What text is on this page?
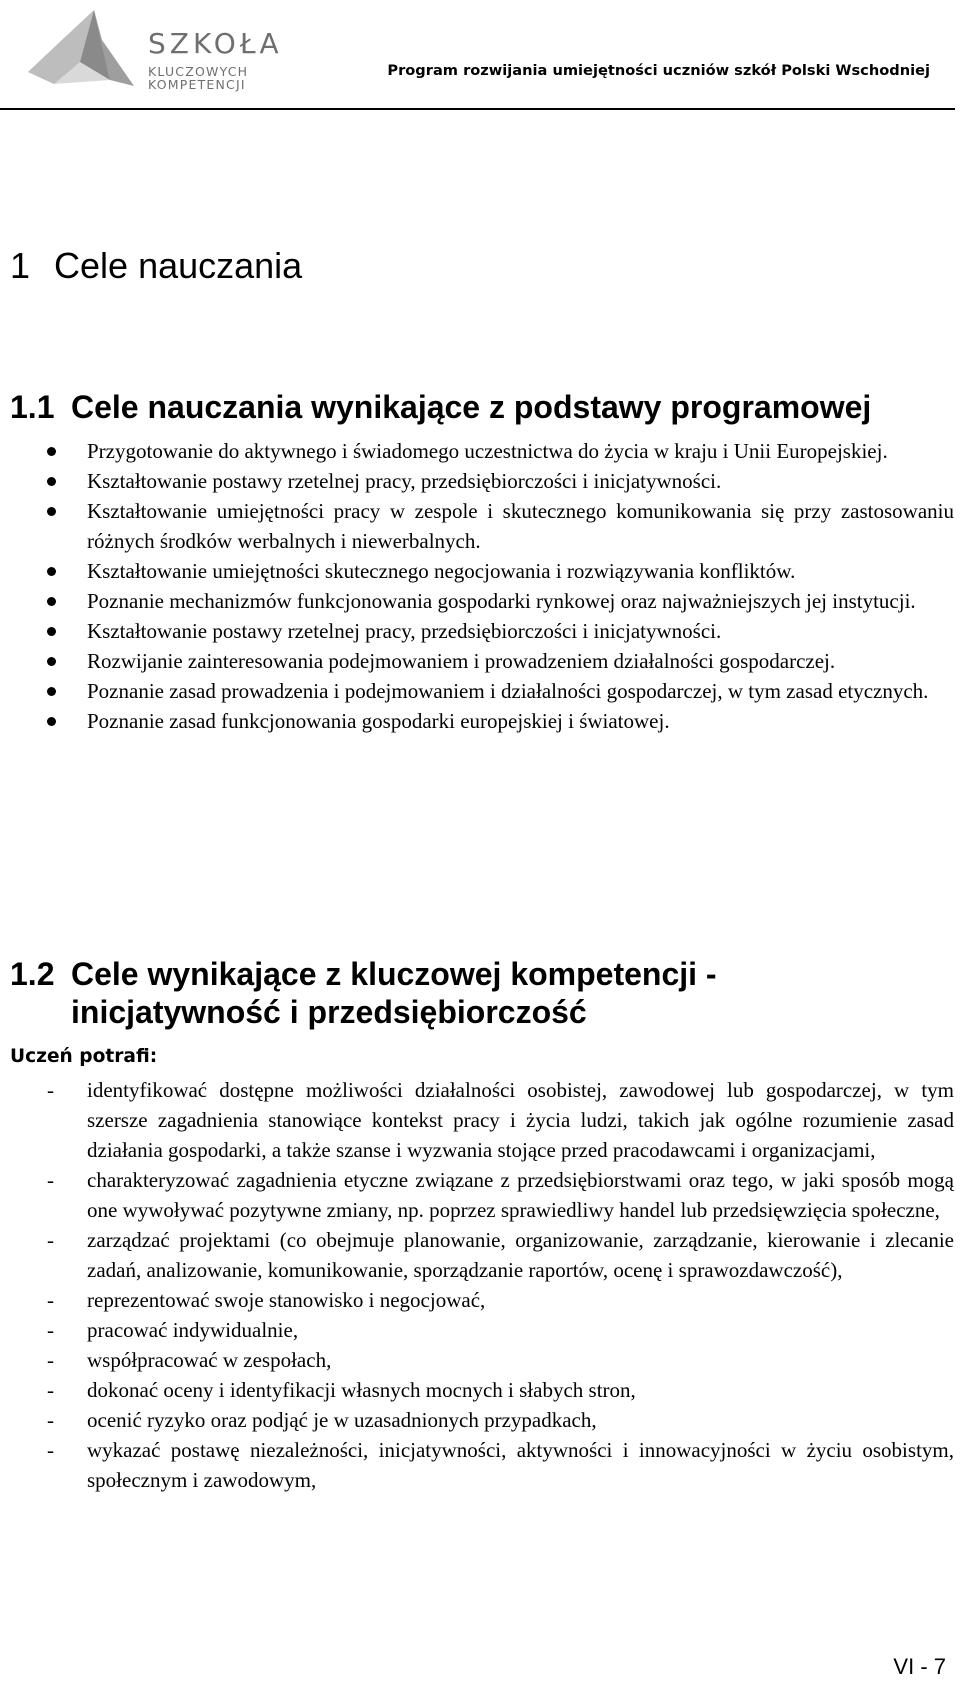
SZKOŁA
KLUCZOWYCH KOMPETENCJI
Program rozwijania umiejętności uczniów szkół Polski Wschodniej
1 Cele nauczania
1.1 Cele nauczania wynikające z podstawy programowej
Przygotowanie do aktywnego i świadomego uczestnictwa do życia w kraju i Unii Europejskiej.
Kształtowanie postawy rzetelnej pracy, przedsiębiorczości i inicjatywności.
Kształtowanie umiejętności pracy w zespole i skutecznego komunikowania się przy zastosowaniu różnych środków werbalnych i niewerbalnych.
Kształtowanie umiejętności skutecznego negocjowania i rozwiązywania konfliktów.
Poznanie mechanizmów funkcjonowania gospodarki rynkowej oraz najważniejszych jej instytucji.
Kształtowanie postawy rzetelnej pracy, przedsiębiorczości i inicjatywności.
Rozwijanie zainteresowania podejmowaniem i prowadzeniem działalności gospodarczej.
Poznanie zasad prowadzenia i podejmowaniem i działalności gospodarczej, w tym zasad etycznych.
Poznanie zasad funkcjonowania gospodarki europejskiej i światowej.
1.2 Cele wynikające z kluczowej kompetencji -
inicjatywność i przedsiębiorczość
Uczeń potrafi:
- identyfikować dostępne możliwości działalności osobistej, zawodowej lub gospodarczej, w tym szersze zagadnienia stanowiące kontekst pracy i życia ludzi, takich jak ogólne rozumienie zasad działania gospodarki, a także szanse i wyzwania stojące przed pracodawcami i organizacjami,
- charakteryzować zagadnienia etyczne związane z przedsiębiorstwami oraz tego, w jaki sposób mogą one wywoływać pozytywne zmiany, np. poprzez sprawiedliwy handel lub przedsięwzięcia społeczne,
- zarządzać projektami (co obejmuje planowanie, organizowanie, zarządzanie, kierowanie i zlecanie zadań, analizowanie, komunikowanie, sporządzanie raportów, ocenę i sprawozdawczość),
- reprezentować swoje stanowisko i negocjować,
- pracować indywidualnie,
- współpracować w zespołach,
- dokonać oceny i identyfikacji własnych mocnych i słabych stron,
- ocenić ryzyko oraz podjąć je w uzasadnionych przypadkach,
- wykazać postawę niezależności, inicjatywności, aktywności i innowacyjności w życiu osobistym, społecznym i zawodowym,
VI - 7
